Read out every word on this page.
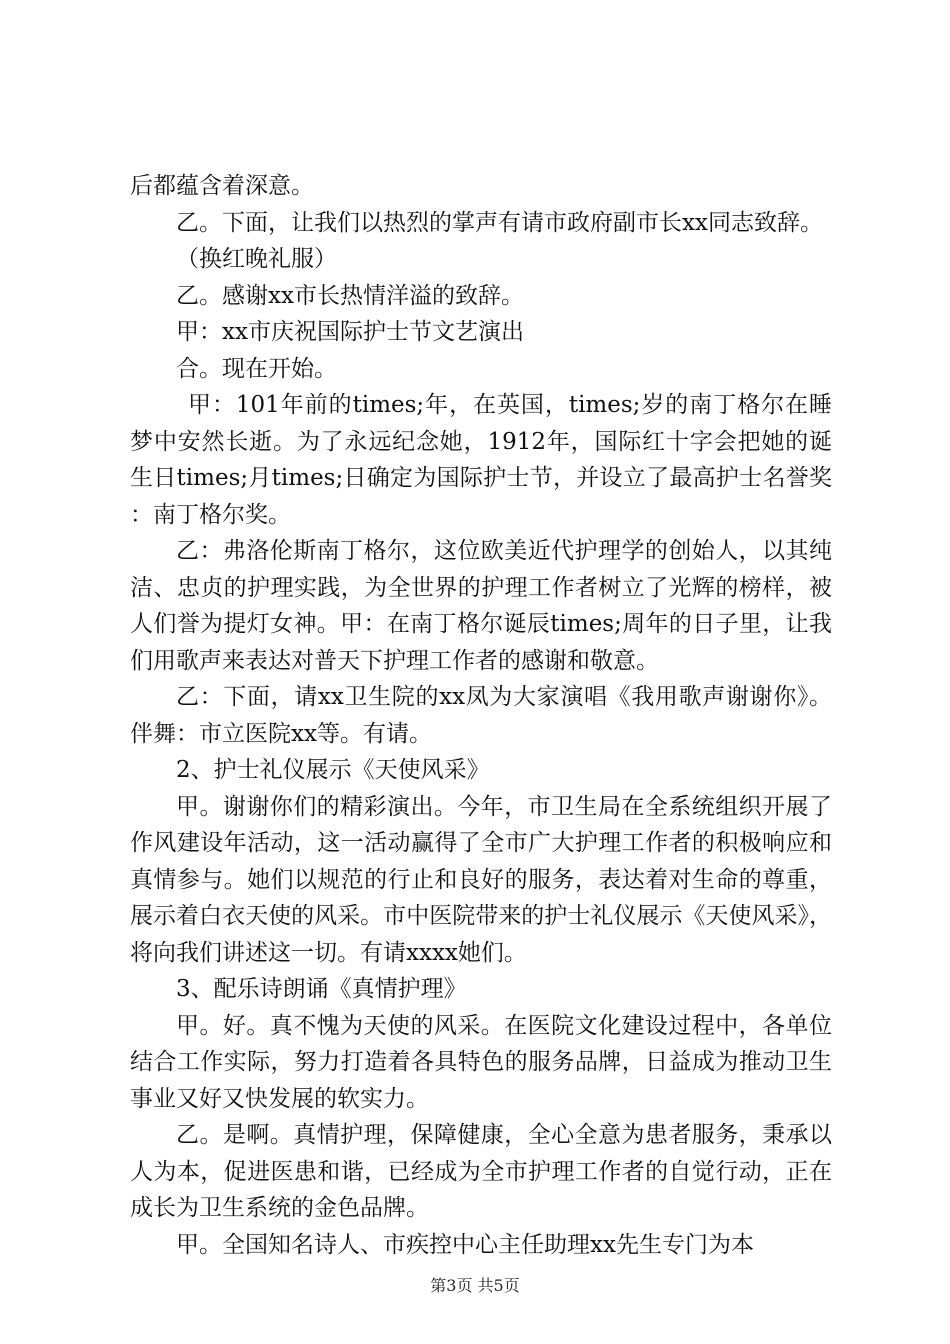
后都蕴含着深意。

乙。下面，让我们以热烈的掌声有请市政府副市长xx同志致辞。

（换红晚礼服）

乙。感谢xx市长热情洋溢的致辞。

甲：xx市庆祝国际护士节文艺演出

合。现在开始。

甲：101年前的times;年，在英国，times;岁的南丁格尔在睡梦中安然长逝。为了永远纪念她，1912年，国际红十字会把她的诞生日times;月times;日确定为国际护士节，并设立了最高护士名誉奖：南丁格尔奖。

乙：弗洛伦斯南丁格尔，这位欧美近代护理学的创始人，以其纯洁、忠贞的护理实践，为全世界的护理工作者树立了光辉的榜样，被人们誉为提灯女神。甲：在南丁格尔诞辰times;周年的日子里，让我们用歌声来表达对普天下护理工作者的感谢和敬意。

乙：下面，请xx卫生院的xx凤为大家演唱《我用歌声谢谢你》。伴舞：市立医院xx等。有请。

2、护士礼仪展示《天使风采》

甲。谢谢你们的精彩演出。今年，市卫生局在全系统组织开展了作风建设年活动，这一活动赢得了全市广大护理工作者的积极响应和真情参与。她们以规范的行止和良好的服务，表达着对生命的尊重，展示着白衣天使的风采。市中医院带来的护士礼仪展示《天使风采》，将向我们讲述这一切。有请xxxx她们。

3、配乐诗朗诵《真情护理》

甲。好。真不愧为天使的风采。在医院文化建设过程中，各单位结合工作实际，努力打造着各具特色的服务品牌，日益成为推动卫生事业又好又快发展的软实力。

乙。是啊。真情护理，保障健康，全心全意为患者服务，秉承以人为本，促进医患和谐，已经成为全市护理工作者的自觉行动，正在成长为卫生系统的金色品牌。

甲。全国知名诗人、市疾控中心主任助理xx先生专门为本

第3页 共5页
